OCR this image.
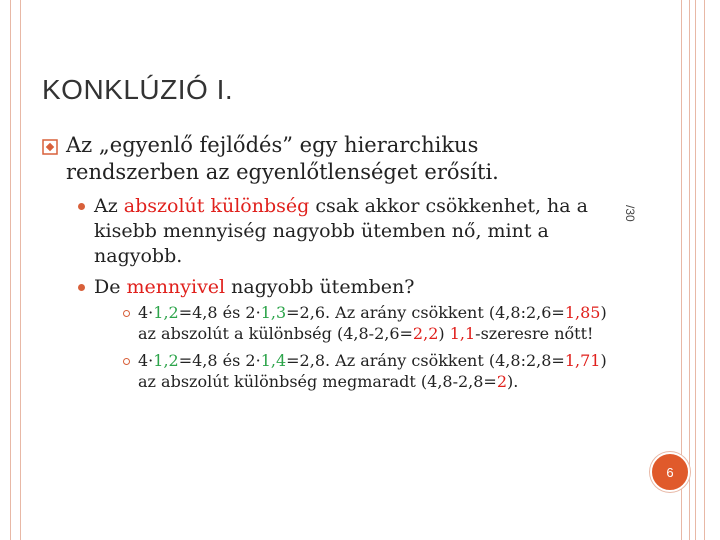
KONKLÚZIÓ I.
/30
Az „egyenlő fejlődés” egy hierarchikus
rendszerben az egyenlőtlenséget erősíti.
Az abszolút különbség csak akkor csökkenhet, ha a
kisebb mennyiség nagyobb ütemben nő, mint a
nagyobb.
De mennyivel nagyobb ütemben?
4·1,2=4,8 és 2·1,3=2,6. Az arány csökkent (4,8:2,6=1,85)
az abszolút a különbség (4,8-2,6=2,2) 1,1-szeresre nőtt!
4·1,2=4,8 és 2·1,4=2,8. Az arány csökkent (4,8:2,8=1,71)
az abszolút különbség megmaradt (4,8-2,8=2).
6
